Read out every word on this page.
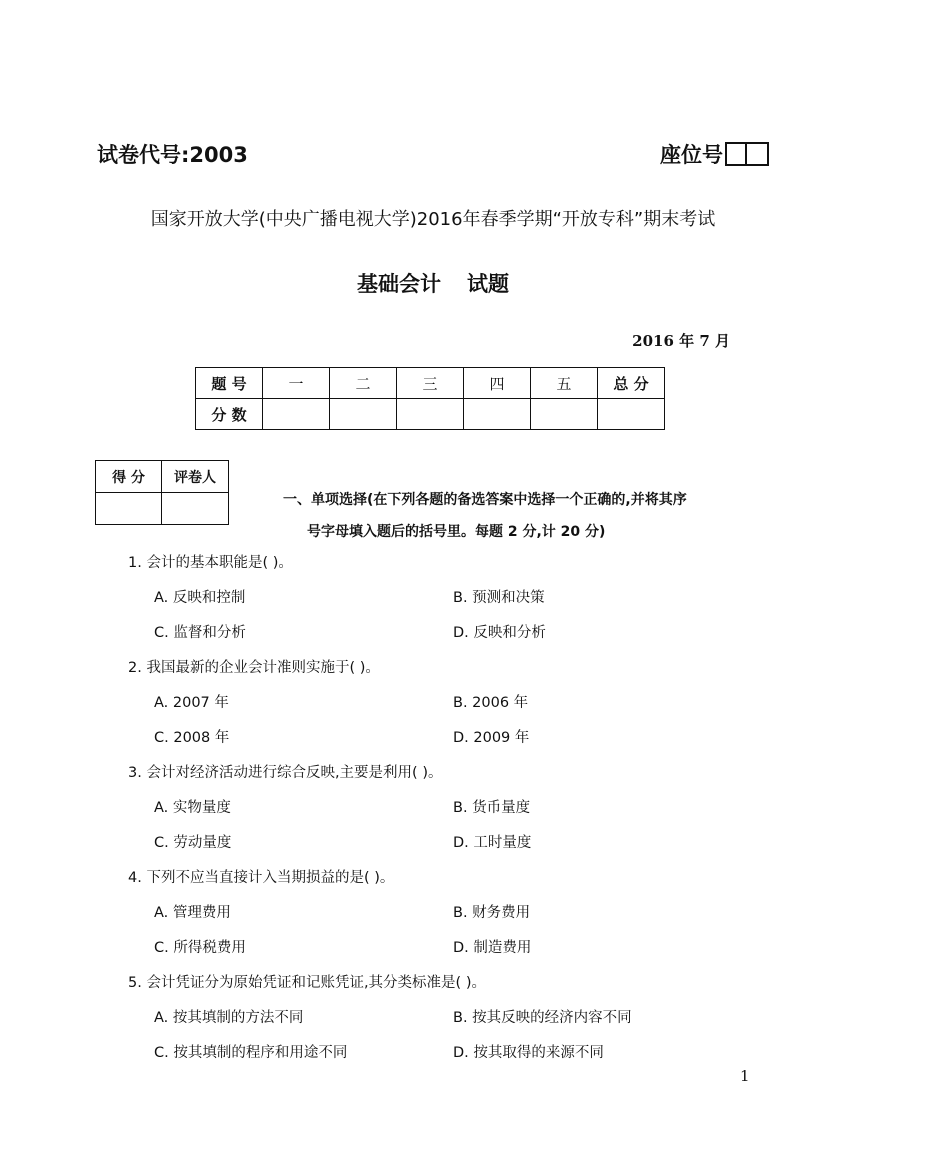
试卷代号:2003	座位号
国家开放大学(中央广播电视大学)2016年春季学期“开放专科”期末考试
基础会计 试题
2016 年 7 月
题 号	一	二	三	四	五	总 分
分 数						
得 分	评卷人

一、单项选择(在下列各题的备选答案中选择一个正确的,并将其序
号字母填入题后的括号里。每题 2 分,计 20 分)
1. 会计的基本职能是( )。
A. 反映和控制	B. 预测和决策
C. 监督和分析	D. 反映和分析
2. 我国最新的企业会计准则实施于( )。
A. 2007 年	B. 2006 年
C. 2008 年	D. 2009 年
3. 会计对经济活动进行综合反映,主要是利用( )。
A. 实物量度	B. 货币量度
C. 劳动量度	D. 工时量度
4. 下列不应当直接计入当期损益的是( )。
A. 管理费用	B. 财务费用
C. 所得税费用	D. 制造费用
5. 会计凭证分为原始凭证和记账凭证,其分类标准是( )。
A. 按其填制的方法不同	B. 按其反映的经济内容不同
C. 按其填制的程序和用途不同	D. 按其取得的来源不同
1
